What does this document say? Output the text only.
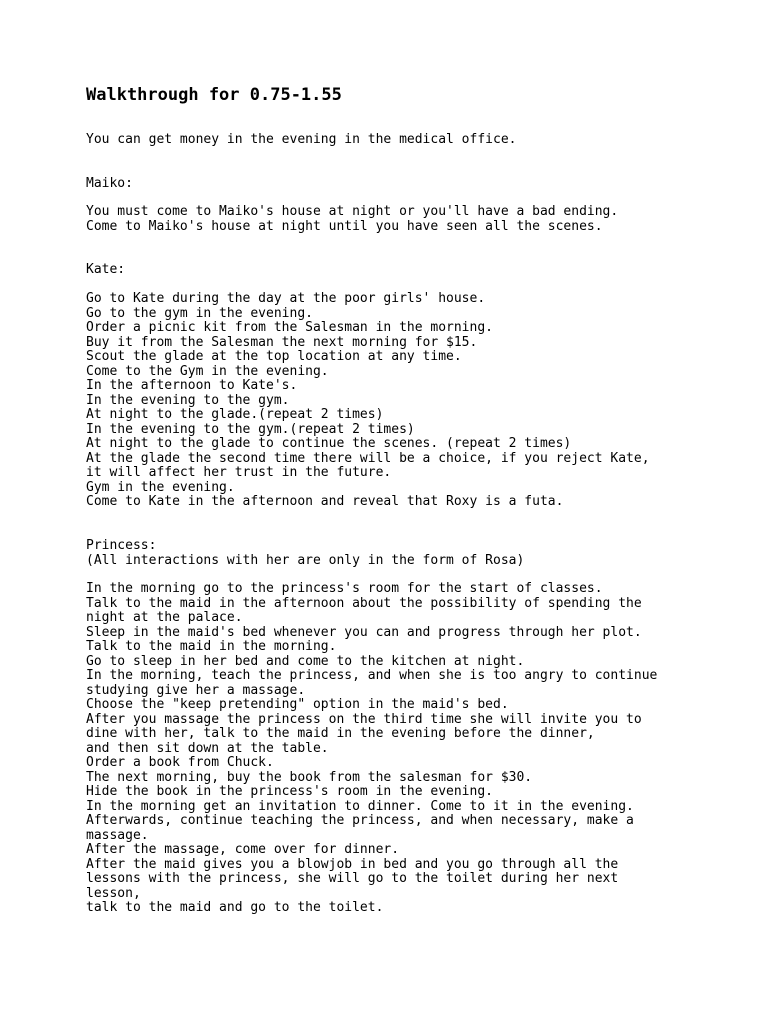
Walkthrough for 0.75-1.55

You can get money in the evening in the medical office.

Maiko:

You must come to Maiko's house at night or you'll have a bad ending.
Come to Maiko's house at night until you have seen all the scenes.

Kate:

Go to Kate during the day at the poor girls' house.
Go to the gym in the evening.
Order a picnic kit from the Salesman in the morning.
Buy it from the Salesman the next morning for $15.
Scout the glade at the top location at any time.
Come to the Gym in the evening.
In the afternoon to Kate's.
In the evening to the gym.
At night to the glade.(repeat 2 times)
In the evening to the gym.(repeat 2 times)
At night to the glade to continue the scenes. (repeat 2 times)
At the glade the second time there will be a choice, if you reject Kate,
it will affect her trust in the future.
Gym in the evening.
Come to Kate in the afternoon and reveal that Roxy is a futa.
Princess:
(All interactions with her are only in the form of Rosa)
In the morning go to the princess's room for the start of classes.
Talk to the maid in the afternoon about the possibility of spending the
night at the palace.
Sleep in the maid's bed whenever you can and progress through her plot.
Talk to the maid in the morning.
Go to sleep in her bed and come to the kitchen at night.
In the morning, teach the princess, and when she is too angry to continue
studying give her a massage.
Choose the "keep pretending" option in the maid's bed.
After you massage the princess on the third time she will invite you to
dine with her, talk to the maid in the evening before the dinner,
and then sit down at the table.
Order a book from Chuck.
The next morning, buy the book from the salesman for $30.
Hide the book in the princess's room in the evening.
In the morning get an invitation to dinner. Come to it in the evening.
Afterwards, continue teaching the princess, and when necessary, make a
massage.
After the massage, come over for dinner.
After the maid gives you a blowjob in bed and you go through all the
lessons with the princess, she will go to the toilet during her next
lesson,
talk to the maid and go to the toilet.
